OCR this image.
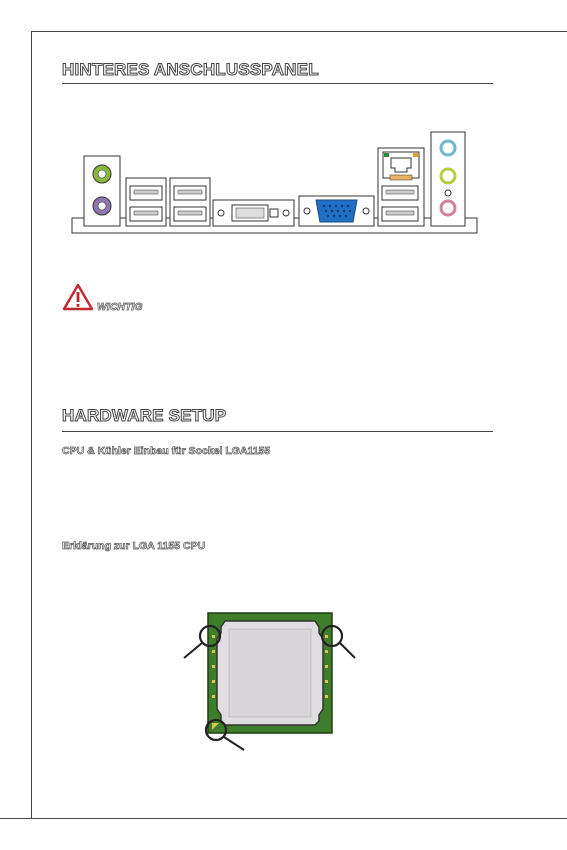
HINTERES ANSCHLUSSPANEL
WICHTIG
HARDWARE SETUP

CPU & Kühler Einbau für Sockel LGA1155

Erklärung zur LGA 1155 CPU
